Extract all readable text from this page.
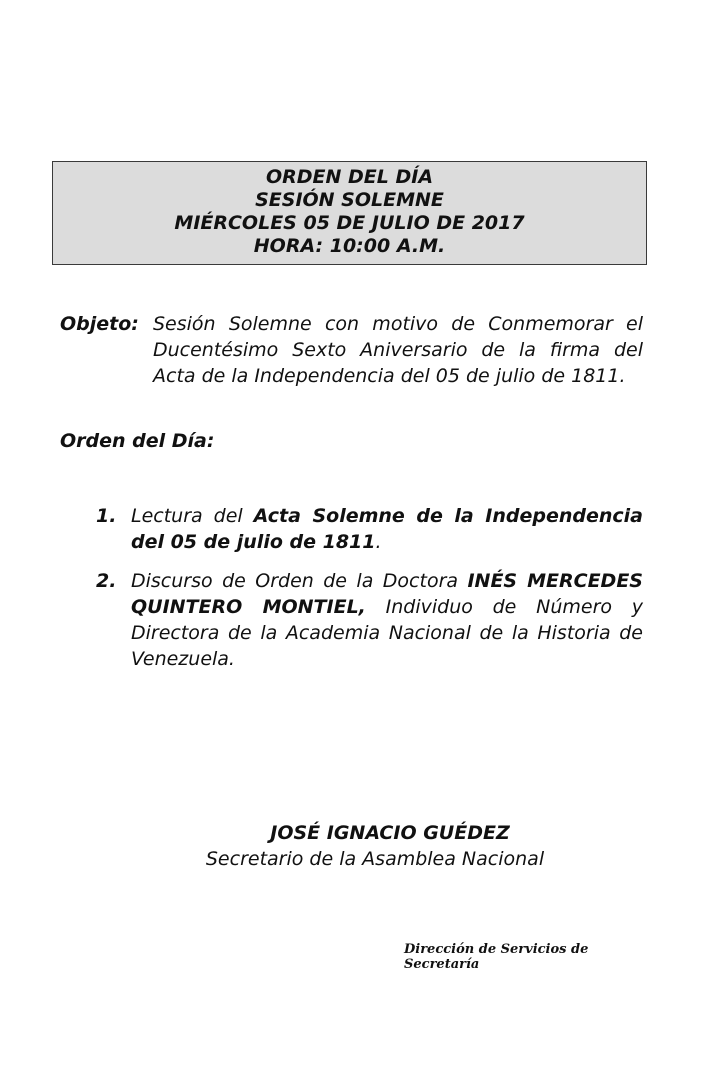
ORDEN DEL DÍA
SESIÓN SOLEMNE
MIÉRCOLES 05 DE JULIO DE 2017
HORA: 10:00 A.M.
Objeto: Sesión Solemne con motivo de Conmemorar el Ducentésimo Sexto Aniversario de la firma del Acta de la Independencia del 05 de julio de 1811.
Orden del Día:
1. Lectura del Acta Solemne de la Independencia del 05 de julio de 1811.
2. Discurso de Orden de la Doctora INÉS MERCEDES QUINTERO MONTIEL, Individuo de Número y Directora de la Academia Nacional de la Historia de Venezuela.
JOSÉ IGNACIO GUÉDEZ
Secretario de la Asamblea Nacional
Dirección de Servicios de Secretaría
